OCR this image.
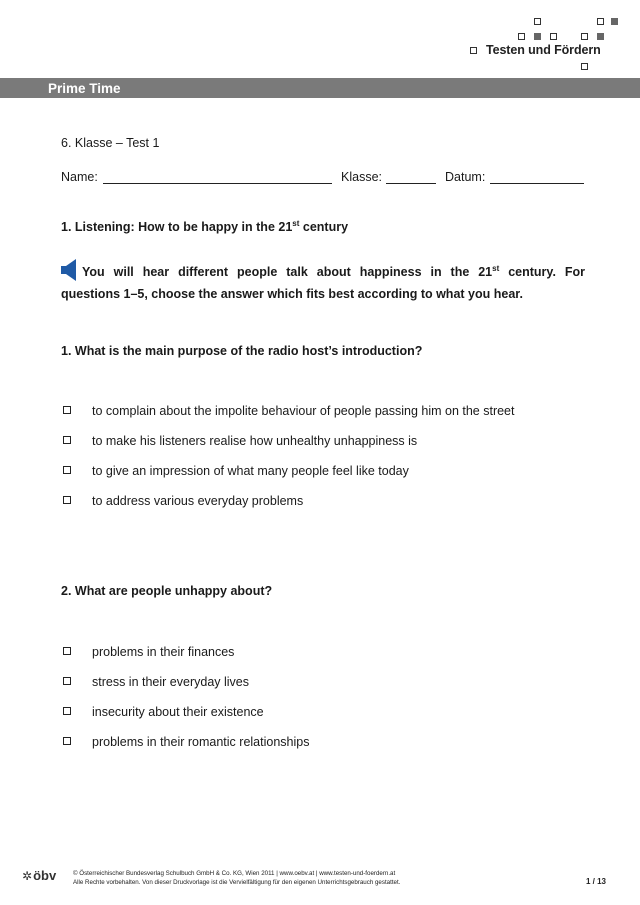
Testen und Fördern
Prime Time
6. Klasse – Test 1
Name:	Klasse:	Datum:
1. Listening: How to be happy in the 21st century
You will hear different people talk about happiness in the 21st century. For
questions 1–5, choose the answer which fits best according to what you hear.
1. What is the main purpose of the radio host’s introduction?
to complain about the impolite behaviour of people passing him on the street
to make his listeners realise how unhealthy unhappiness is
to give an impression of what many people feel like today
to address various everyday problems
2. What are people unhappy about?
problems in their finances
stress in their everyday lives
insecurity about their existence
problems in their romantic relationships
✲öbv	© Österreichischer Bundesverlag Schulbuch GmbH & Co. KG, Wien 2011 | www.oebv.at | www.testen-und-foerdern.at
Alle Rechte vorbehalten. Von dieser Druckvorlage ist die Vervielfältigung für den eigenen Unterrichtsgebrauch gestattet.	1 / 13
